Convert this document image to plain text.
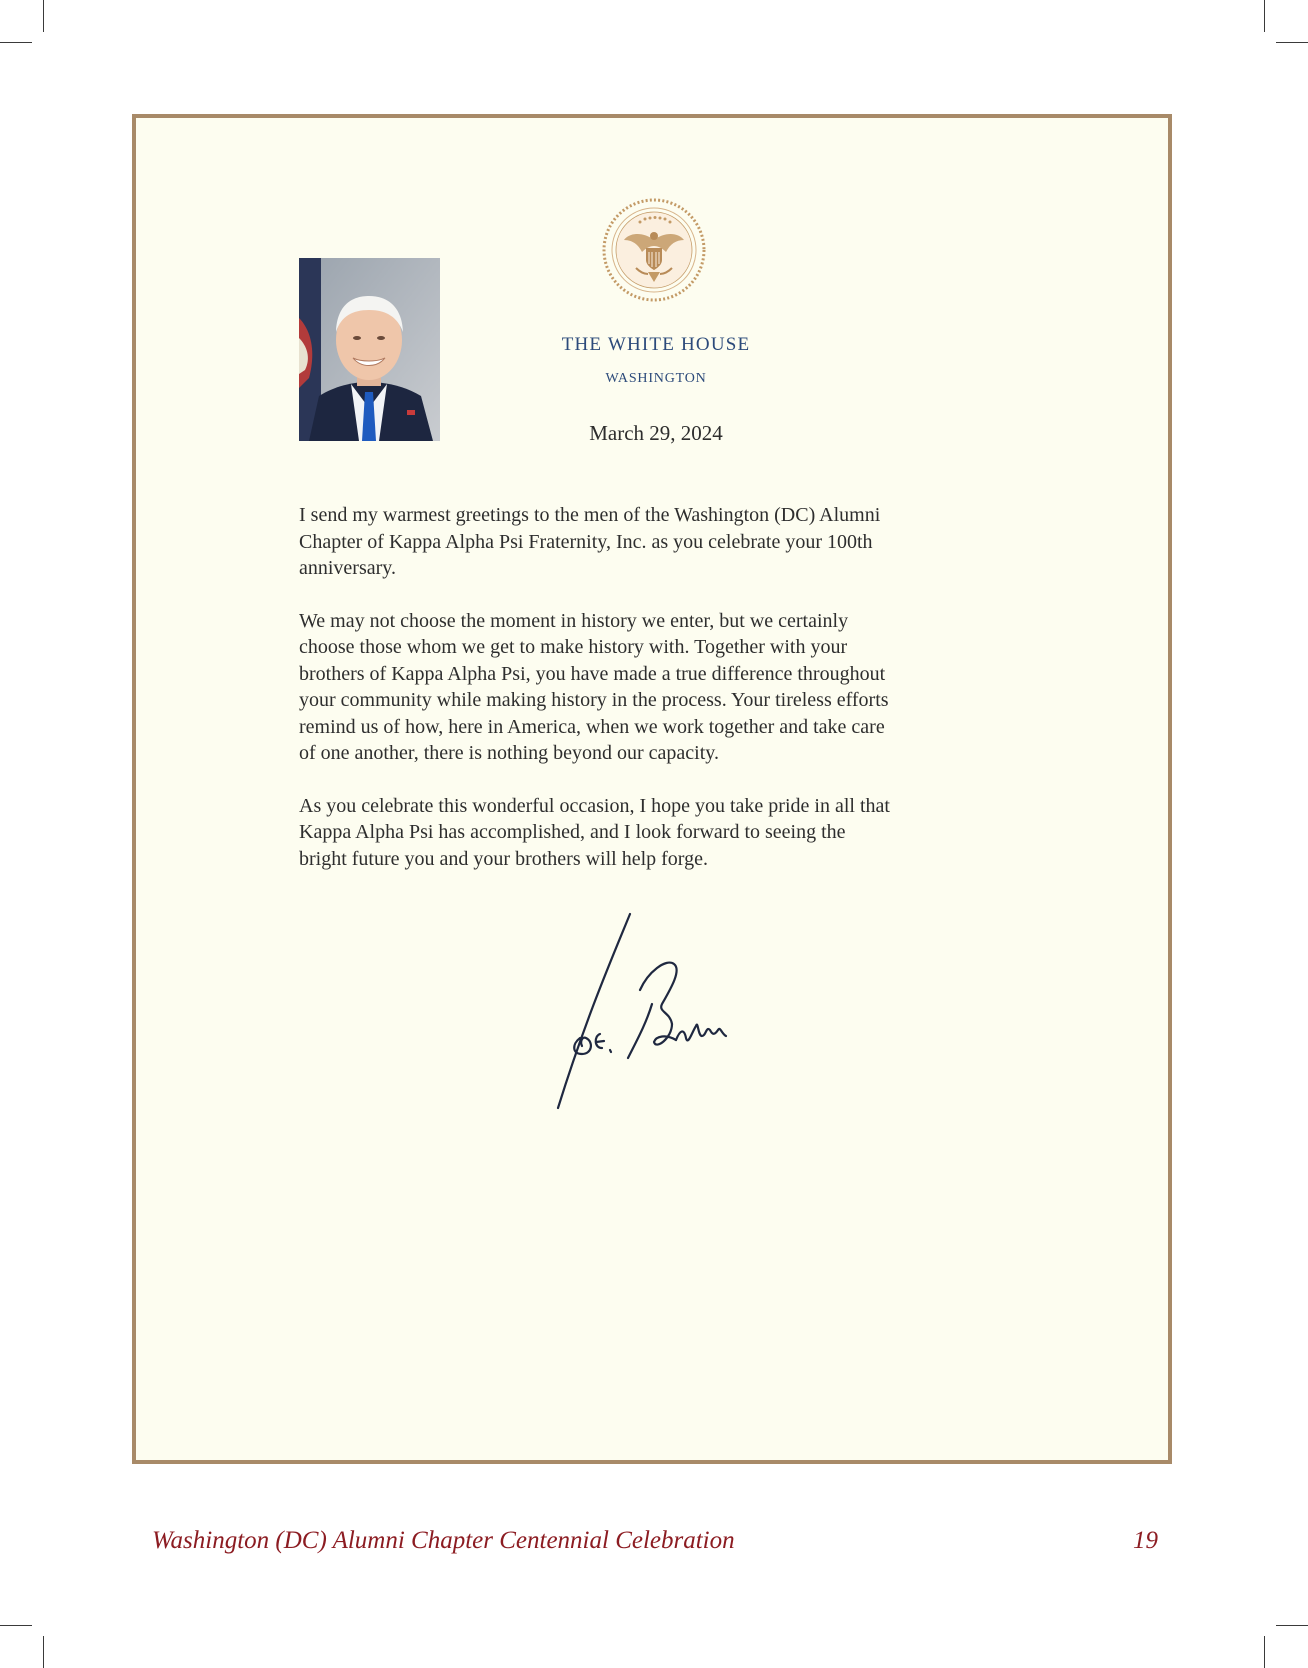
THE WHITE HOUSE
WASHINGTON
March 29, 2024

I send my warmest greetings to the men of the Washington (DC) Alumni
Chapter of Kappa Alpha Psi Fraternity, Inc. as you celebrate your 100th
anniversary.

We may not choose the moment in history we enter, but we certainly
choose those whom we get to make history with. Together with your
brothers of Kappa Alpha Psi, you have made a true difference throughout
your community while making history in the process. Your tireless efforts
remind us of how, here in America, when we work together and take care
of one another, there is nothing beyond our capacity.

As you celebrate this wonderful occasion, I hope you take pride in all that
Kappa Alpha Psi has accomplished, and I look forward to seeing the
bright future you and your brothers will help forge.

Washington (DC) Alumni Chapter Centennial Celebration	19
